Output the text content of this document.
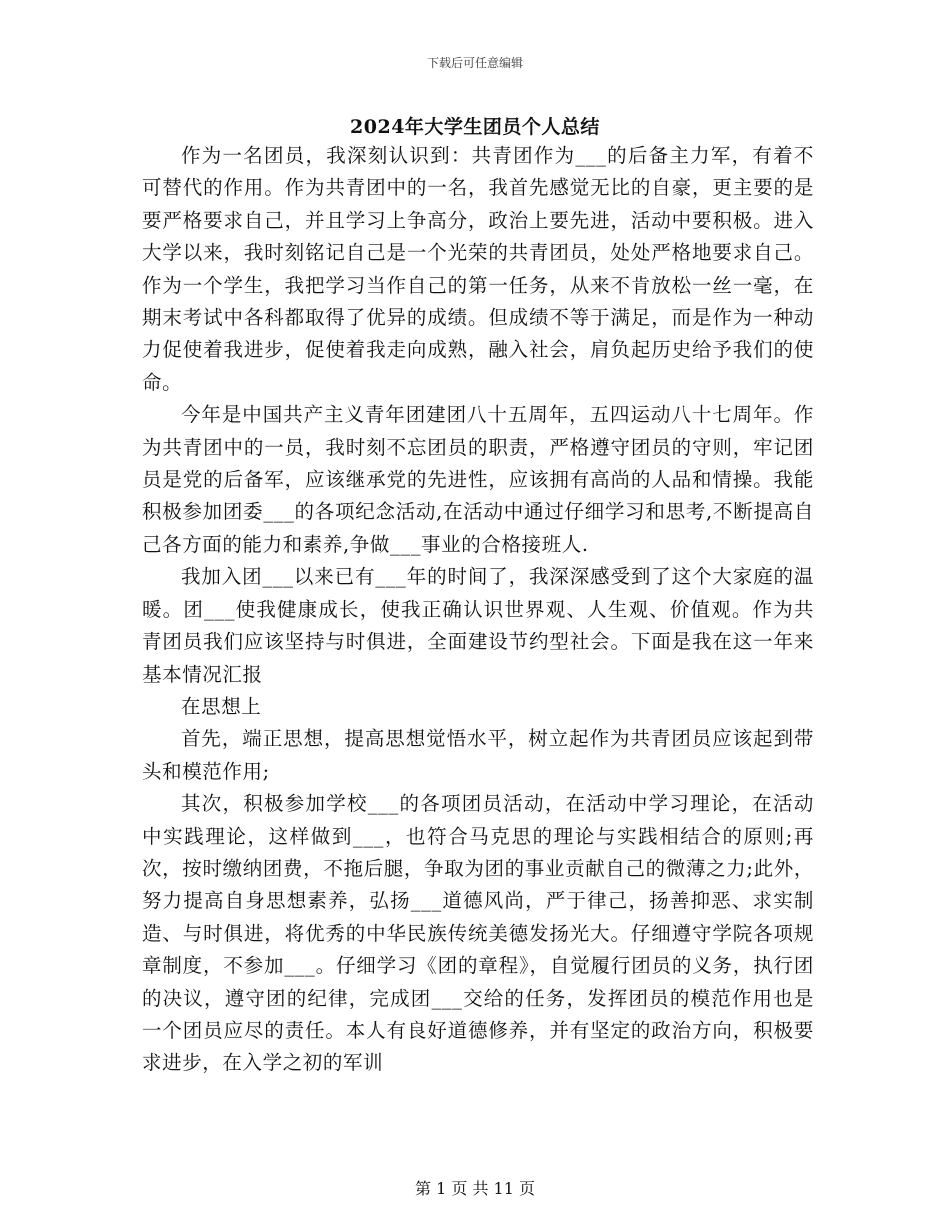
下载后可任意编辑
2024年大学生团员个人总结

作为一名团员，我深刻认识到：共青团作为___的后备主力军，有着不可替代的作用。作为共青团中的一名，我首先感觉无比的自豪，更主要的是要严格要求自己，并且学习上争高分，政治上要先进，活动中要积极。进入大学以来，我时刻铭记自己是一个光荣的共青团员，处处严格地要求自己。作为一个学生，我把学习当作自己的第一任务，从来不肯放松一丝一毫，在期末考试中各科都取得了优异的成绩。但成绩不等于满足，而是作为一种动力促使着我进步，促使着我走向成熟，融入社会，肩负起历史给予我们的使命。

今年是中国共产主义青年团建团八十五周年，五四运动八十七周年。作为共青团中的一员，我时刻不忘团员的职责，严格遵守团员的守则，牢记团员是党的后备军，应该继承党的先进性，应该拥有高尚的人品和情操。我能积极参加团委___的各项纪念活动,在活动中通过仔细学习和思考,不断提高自己各方面的能力和素养,争做___事业的合格接班人.

我加入团___以来已有___年的时间了，我深深感受到了这个大家庭的温暖。团___使我健康成长，使我正确认识世界观、人生观、价值观。作为共青团员我们应该坚持与时俱进，全面建设节约型社会。下面是我在这一年来基本情况汇报

在思想上

首先，端正思想，提高思想觉悟水平，树立起作为共青团员应该起到带头和模范作用;

其次，积极参加学校___的各项团员活动，在活动中学习理论，在活动中实践理论，这样做到___，也符合马克思的理论与实践相结合的原则;再次，按时缴纳团费，不拖后腿，争取为团的事业贡献自己的微薄之力;此外，努力提高自身思想素养，弘扬___道德风尚，严于律己，扬善抑恶、求实制造、与时俱进，将优秀的中华民族传统美德发扬光大。仔细遵守学院各项规章制度，不参加___。仔细学习《团的章程》，自觉履行团员的义务，执行团的决议，遵守团的纪律，完成团___交给的任务，发挥团员的模范作用也是一个团员应尽的责任。本人有良好道德修养，并有坚定的政治方向，积极要求进步，在入学之初的军训

第 1 页 共 11 页
